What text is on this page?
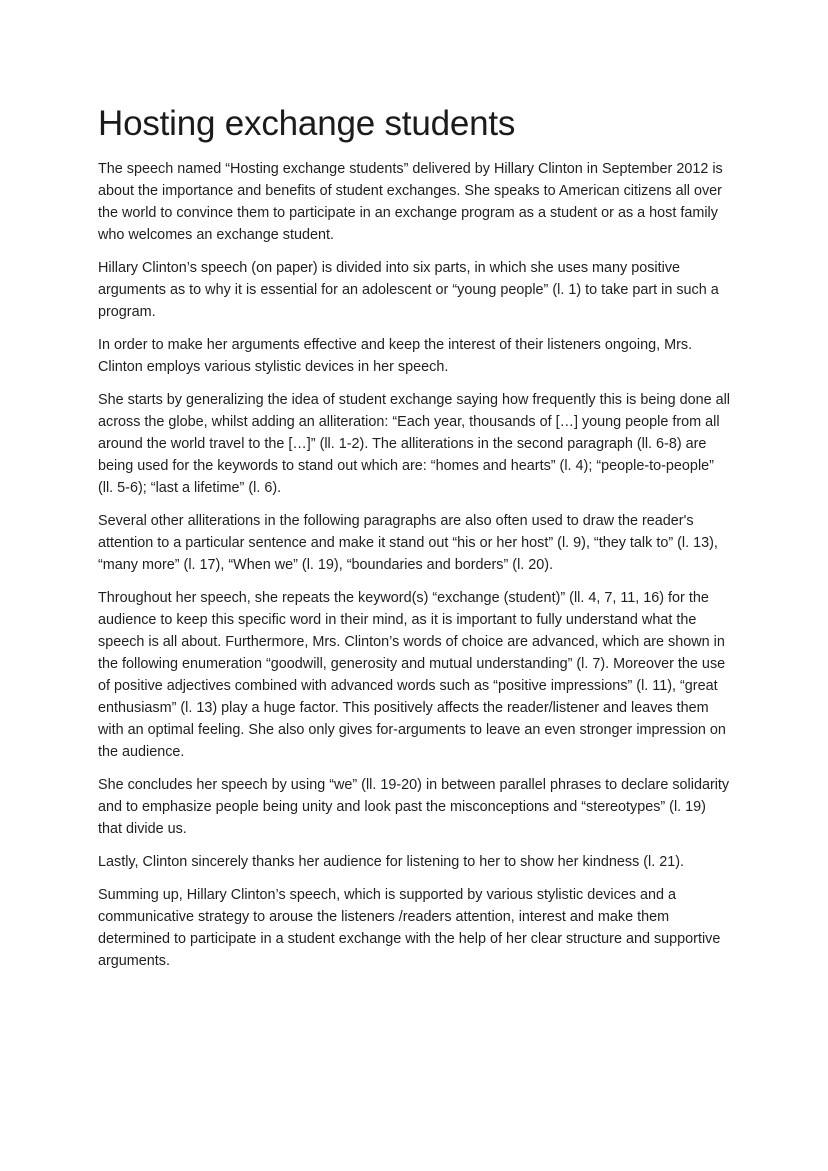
Hosting exchange students

The speech named “Hosting exchange students” delivered by Hillary Clinton in September 2012 is about the importance and benefits of student exchanges. She speaks to American citizens all over the world to convince them to participate in an exchange program as a student or as a host family who welcomes an exchange student.

Hillary Clinton’s speech (on paper) is divided into six parts, in which she uses many positive arguments as to why it is essential for an adolescent or “young people” (l. 1) to take part in such a program.

In order to make her arguments effective and keep the interest of their listeners ongoing, Mrs. Clinton employs various stylistic devices in her speech.

She starts by generalizing the idea of student exchange saying how frequently this is being done all across the globe, whilst adding an alliteration: “Each year, thousands of […] young people from all around the world travel to the […]” (ll. 1-2). The alliterations in the second paragraph (ll. 6-8) are being used for the keywords to stand out which are: “homes and hearts” (l. 4); “people-to-people” (ll. 5-6); “last a lifetime” (l. 6).

Several other alliterations in the following paragraphs are also often used to draw the reader's attention to a particular sentence and make it stand out “his or her host” (l. 9), “they talk to” (l. 13), “many more” (l. 17), “When we” (l. 19), “boundaries and borders” (l. 20).

Throughout her speech, she repeats the keyword(s) “exchange (student)” (ll. 4, 7, 11, 16) for the audience to keep this specific word in their mind, as it is important to fully understand what the speech is all about. Furthermore, Mrs. Clinton’s words of choice are advanced, which are shown in the following enumeration “goodwill, generosity and mutual understanding” (l. 7). Moreover the use of positive adjectives combined with advanced words such as “positive impressions” (l. 11), “great enthusiasm” (l. 13) play a huge factor. This positively affects the reader/listener and leaves them with an optimal feeling. She also only gives for-arguments to leave an even stronger impression on the audience.

She concludes her speech by using “we” (ll. 19-20) in between parallel phrases to declare solidarity and to emphasize people being unity and look past the misconceptions and “stereotypes” (l. 19) that divide us.

Lastly, Clinton sincerely thanks her audience for listening to her to show her kindness (l. 21).

Summing up, Hillary Clinton’s speech, which is supported by various stylistic devices and a communicative strategy to arouse the listeners /readers attention, interest and make them determined to participate in a student exchange with the help of her clear structure and supportive arguments.
